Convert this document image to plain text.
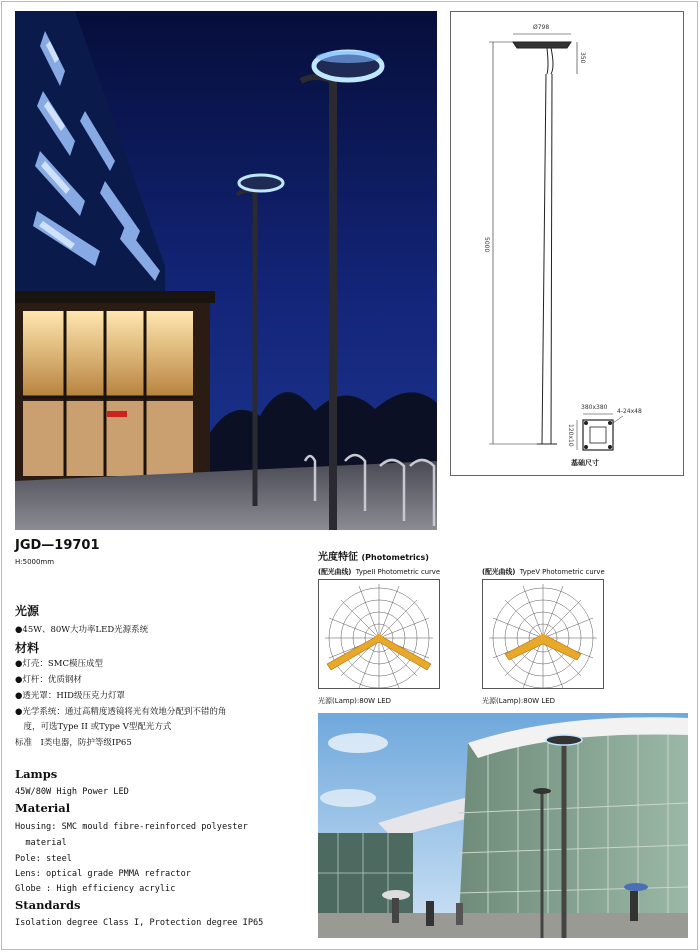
Ø798
350
5000
380x380
4-24x48
120x10
基础尺寸
JGD—19701
H:5000mm
光源
●45W、80W大功率LED光源系统
材料
●灯壳：SMC模压成型
●灯杆：优质钢材
●透光罩：HID级压克力灯罩
●光学系统：通过高精度透镜将光有效地分配到不错的角
　度，可选Type II 或Type V型配光方式
标准　I类电器，防护等级IP65
Lamps
45W/80W High Power LED
Material
Housing: SMC mould fibre-reinforced polyester
material
Pole: steel
Lens: optical grade PMMA refractor
Globe : High efficiency acrylic
Standards
Isolation degree Class I, Protection degree IP65
光度特征 (Photometrics)
(配光曲线) TypeII Photometric curve	(配光曲线) TypeV Photometric curve
光源(Lamp):80W LED	光源(Lamp):80W LED
